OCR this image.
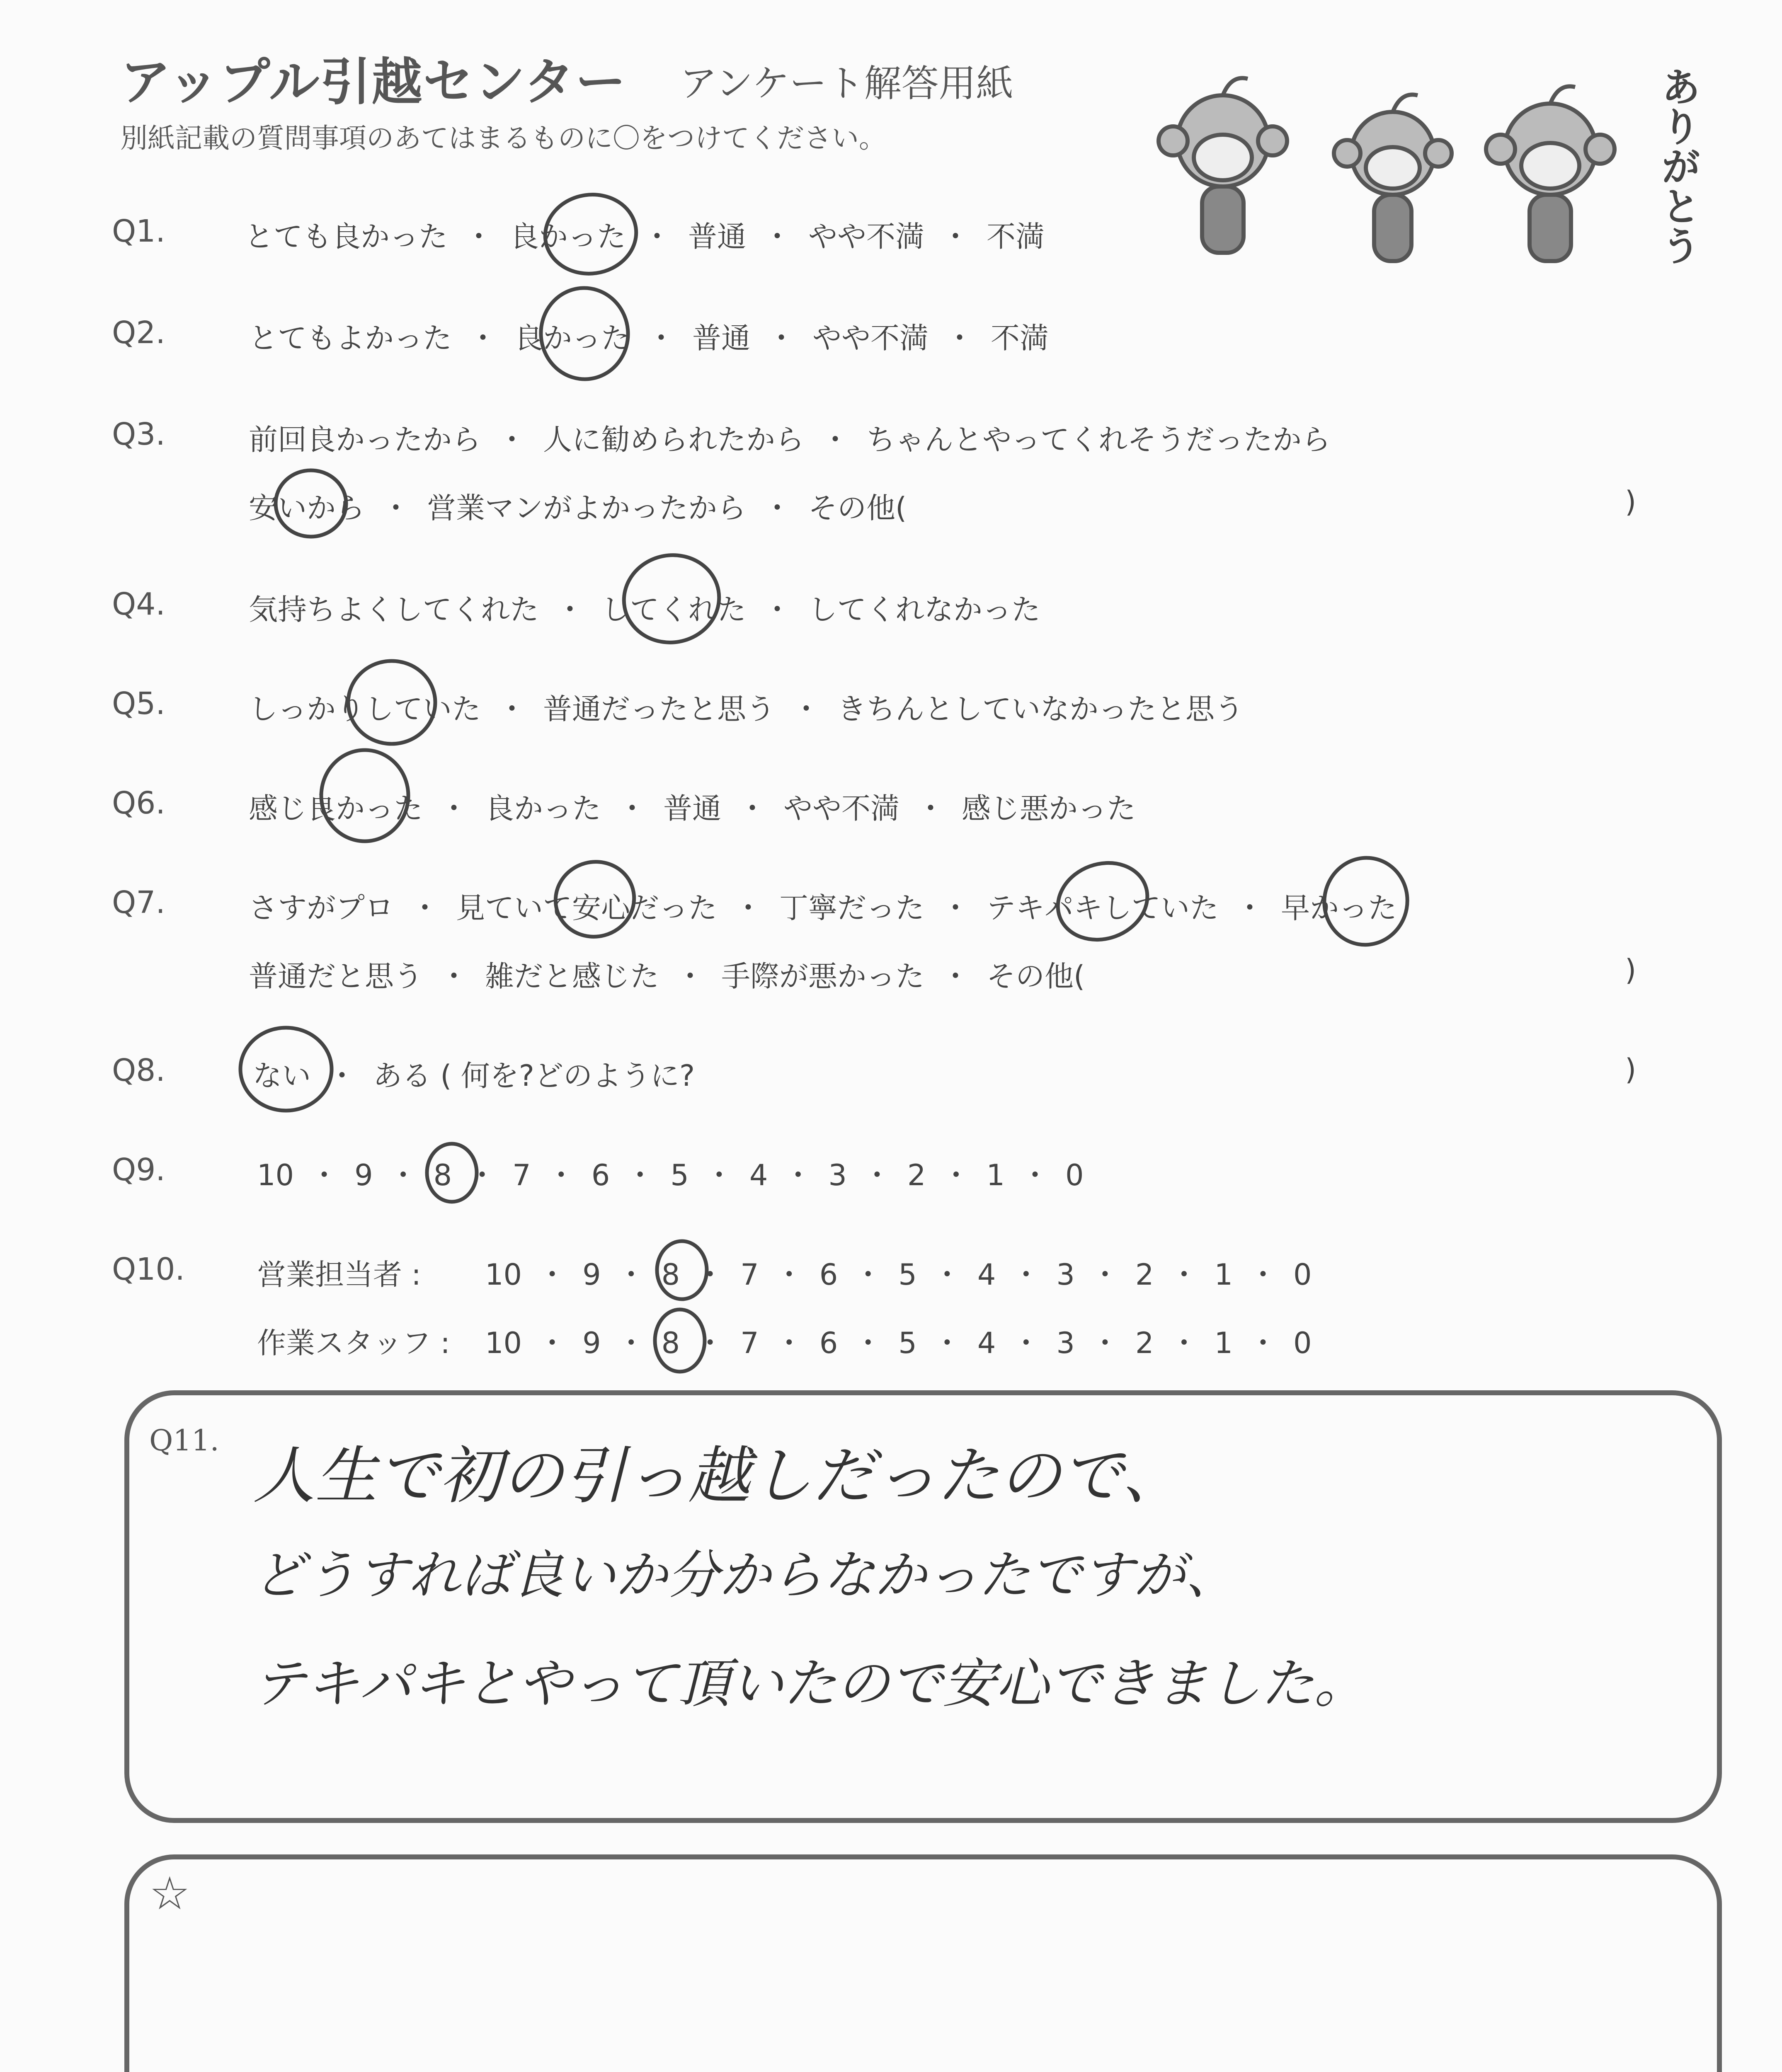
アップル引越センター アンケート解答用紙
別紙記載の質問事項のあてはまるものに〇をつけてください。	ありがとう
Q1.	とても良かった ・ 良かった ・ 普通 ・ やや不満 ・ 不満
Q2.	とてもよかった ・ 良かった ・ 普通 ・ やや不満 ・ 不満
Q3.	前回良かったから ・ 人に勧められたから ・ ちゃんとやってくれそうだったから
安いから ・ 営業マンがよかったから ・ その他(	)
Q4.	気持ちよくしてくれた ・ してくれた ・ してくれなかった
Q5.	しっかりしていた ・ 普通だったと思う ・ きちんとしていなかったと思う
Q6.	感じ良かった ・ 良かった ・ 普通 ・ やや不満 ・ 感じ悪かった
Q7.	さすがプロ ・ 見ていて安心だった ・ 丁寧だった ・ テキパキしていた ・ 早かった
普通だと思う ・ 雑だと感じた ・ 手際が悪かった ・ その他(	)
Q8.	ない ・ ある ( 何を?どのように?	)
Q9.	10 ・ 9 ・ 8 ・ 7 ・ 6 ・ 5 ・ 4 ・ 3 ・ 2 ・ 1 ・ 0
Q10. 営業担当者 : 10 ・ 9 ・ 8 ・ 7 ・ 6 ・ 5 ・ 4 ・ 3 ・ 2 ・ 1 ・ 0
作業スタッフ : 10 ・ 9 ・ 8 ・ 7 ・ 6 ・ 5 ・ 4 ・ 3 ・ 2 ・ 1 ・ 0
Q11. 人生で初の引っ越しだったので、
どうすれば良いか分からなかったですが、
テキパキとやって頂いたので安心できました。
☆
